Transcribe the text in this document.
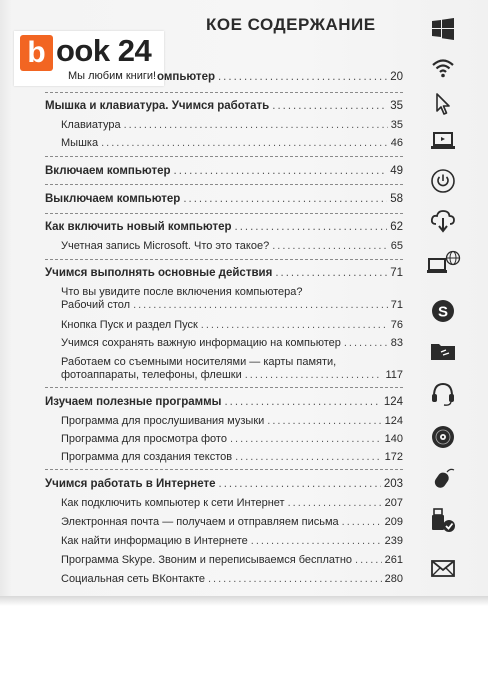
КОЕ СОДЕРЖАНИЕ
b ook 24
Мы любим книги! омпьютер .....	20
Мышка и клавиатура. Учимся работать .....	35
Клавиатура .....	35
Мышка .....	46
Включаем компьютер .....	49
Выключаем компьютер .....	58
Как включить новый компьютер .....	62
Учетная запись Microsoft. Что это такое? .....	65
Учимся выполнять основные действия .....	71
Что вы увидите после включения компьютера?
Рабочий стол .....	71
Кнопка Пуск и раздел Пуск .....	76
Учимся сохранять важную информацию на компьютер .....	83
Работаем со съемными носителями — карты памяти,
фотоаппараты, телефоны, флешки .....	117
Изучаем полезные программы .....	124
Программа для прослушивания музыки .....	124
Программа для просмотра фото .....	140
Программа для создания текстов .....	172
Учимся работать в Интернете .....	203
Как подключить компьютер к сети Интернет .....	207
Электронная почта — получаем и отправляем письма .....	209
Как найти информацию в Интернете .....	239
Программа Skype. Звоним и переписываемся бесплатно .....	261
Социальная сеть ВКонтакте .....	280
S
